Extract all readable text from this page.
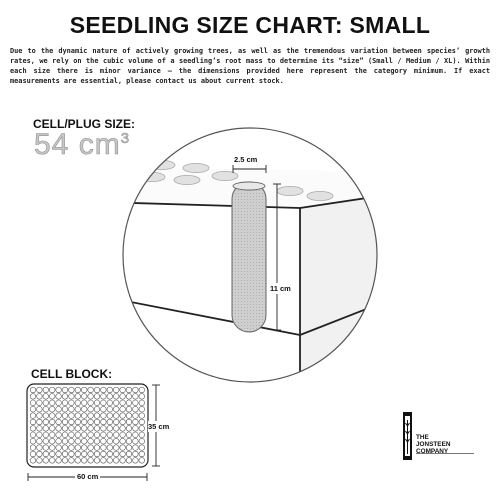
SEEDLING SIZE CHART: SMALL
Due to the dynamic nature of actively growing trees, as well as the tremendous variation between species’ growth rates, we rely on the cubic volume of a seedling’s root mass to determine its “size” (Small / Medium / XL). Within each size there is minor variance — the dimensions provided here represent the category minimum. If exact measurements are essential, please contact us about current stock.
CELL/PLUG SIZE:
54 $cm^3$
2.5 cm
11 cm
35 cm
60 cm
CELL BLOCK:
THE
JONSTEEN
COMPANY
